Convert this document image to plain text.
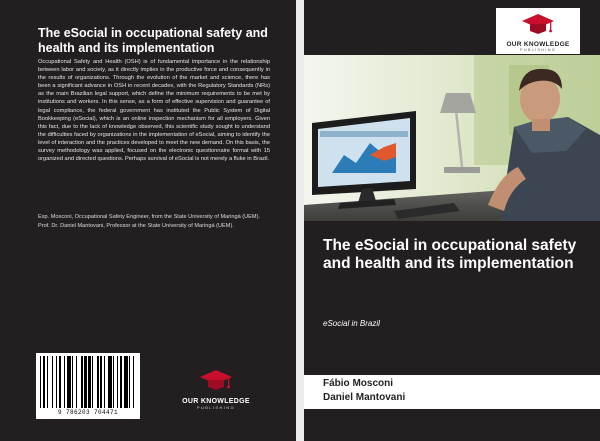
The eSocial in occupational safety and health and its implementation
Occupational Safety and Health (OSH) is of fundamental importance in the relationship between labor and society, as it directly implies in the productive force and consequently in the results of organizations. Through the evolution of the market and science, there has been a significant advance in OSH in recent decades, with the Regulatory Standards (NRs) as the main Brazilian legal support, which define the minimum requirements to be met by institutions and workers. In this sense, as a form of effective supervision and guarantee of legal compliance, the federal government has instituted the Public System of Digital Bookkeeping (eSocial), which is an online inspection mechanism for all employers. Given this fact, due to the lack of knowledge observed, this scientific study sought to understand the difficulties faced by organizations in the implementation of eSocial, aiming to identify the level of interaction and the practices developed to meet the new demand. On this basis, the survey methodology was applied, focused on the electronic questionnaire format with 15 organized and directed questions. Perhaps survival of eSocial is not merely a fluke in Brazil.

Esp. Mosconi, Occupational Safety Engineer, from the State University of Maringá (UEM).

Prof. Dr. Daniel Mantovani, Professor at the State University of Maringá (UEM).

9 786203 704471
OUR KNOWLEDGE
PUBLISHING
OUR KNOWLEDGE
PUBLISHING
The eSocial in occupational safety and health and its implementation
eSocial in Brazil

Fábio Mosconi

Daniel Mantovani
